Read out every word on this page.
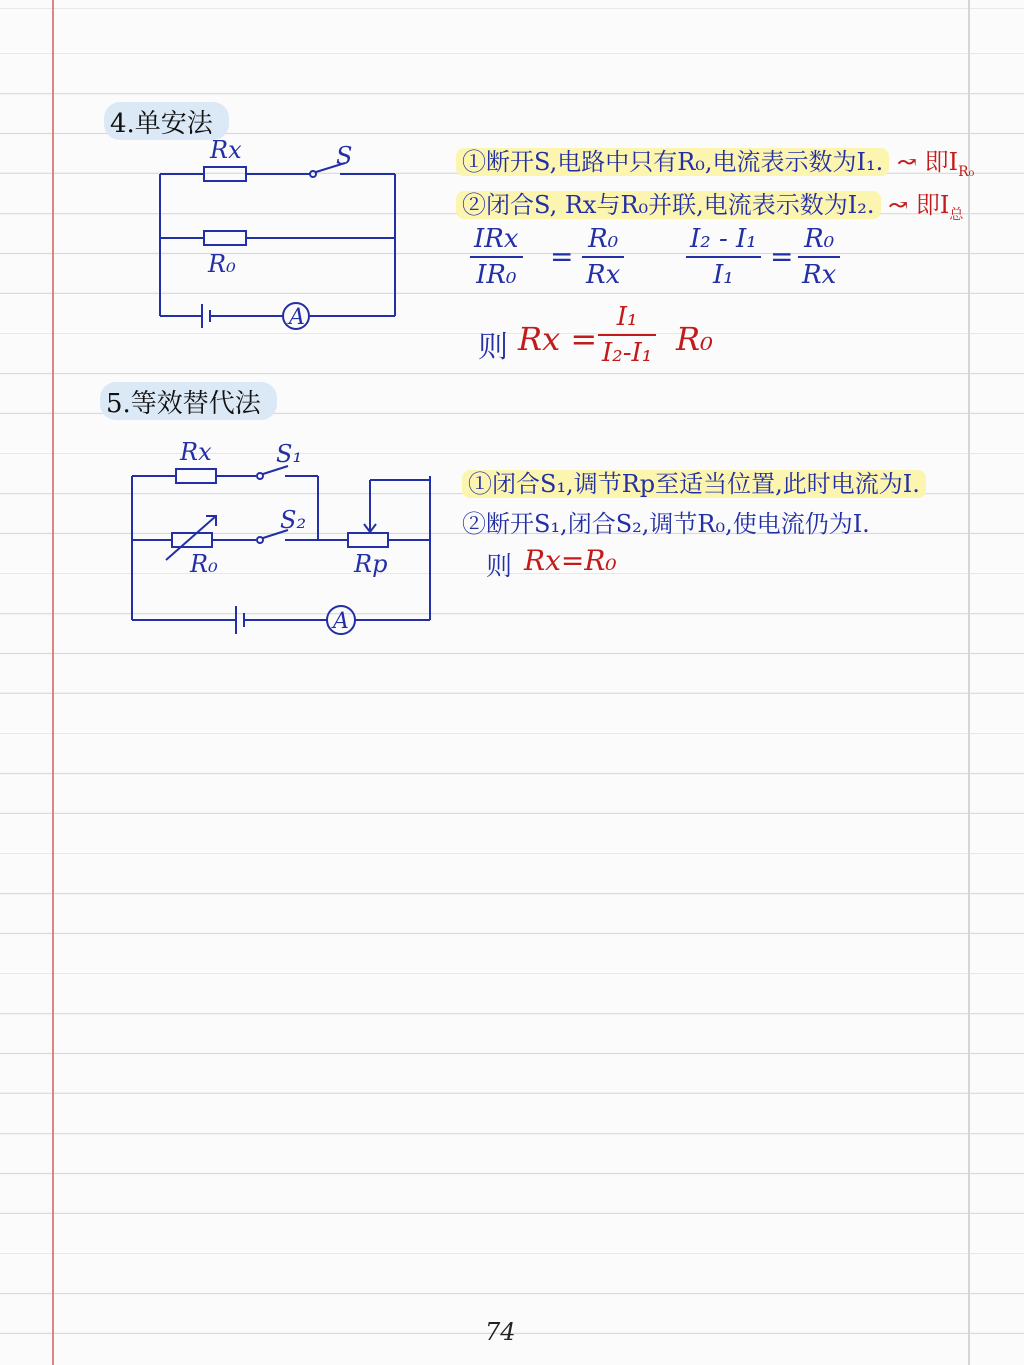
4.单安法
Rx	S
R₀
A
①断开S,电路中只有R₀,电流表示数为I₁. ↝ 即$I_{R_0}$
②闭合S, Rx与R₀并联,电流表示数为I₂. ↝ 即$I_总$
IRx
IR₀
=
R₀
Rx
I₂ - I₁
I₁
=
R₀
Rx
则 Rx =
I₁
I₂-I₁ R₀
5.等效替代法
Rx	S₁
S₂
R₀	Rp
A
①闭合S₁,调节Rp至适当位置,此时电流为I.
②断开S₁,闭合S₂,调节R₀,使电流仍为I.
则 Rx=R₀
74
